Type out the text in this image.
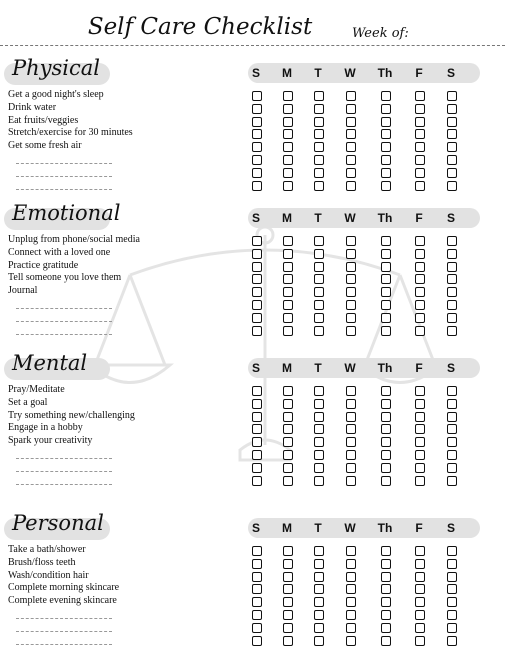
Self Care Checklist	Week of:
Physical	S	M	T	W	Th	F	S
Get a good night's sleep
Drink water
Eat fruits/veggies
Stretch/exercise for 30 minutes
Get some fresh air
Emotional	S	M	T	W	Th	F	S
Unplug from phone/social media
Connect with a loved one
Practice gratitude
Tell someone you love them
Journal
Mental	S	M	T	W	Th	F	S
Pray/Meditate
Set a goal
Try something new/challenging
Engage in a hobby
Spark your creativity
Personal	S	M	T	W	Th	F	S
Take a bath/shower
Brush/floss teeth
Wash/condition hair
Complete morning skincare
Complete evening skincare
